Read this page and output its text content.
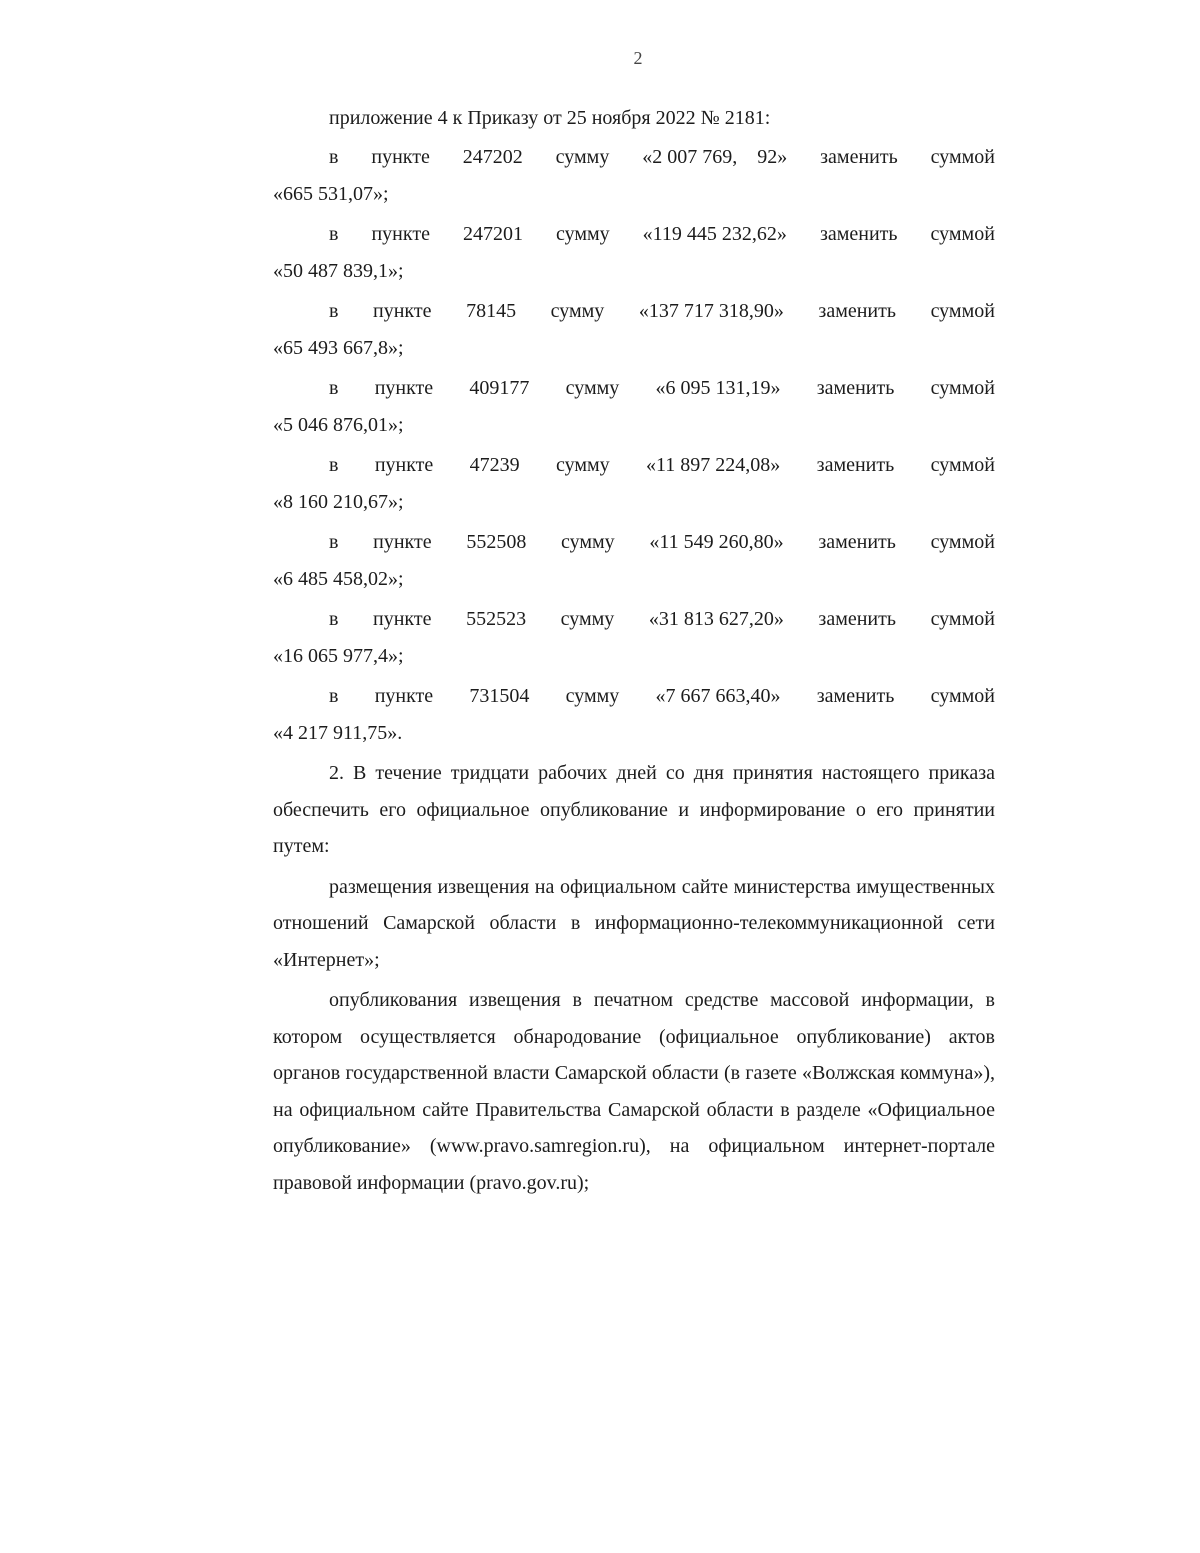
2

приложение 4 к Приказу от 25 ноября 2022 № 2181:

в пункте 247202 сумму «2 007 769,    92» заменить суммой
«665 531,07»;
в пункте 247201 сумму «119 445 232,62» заменить суммой
«50 487 839,1»;
в пункте 78145 сумму «137 717 318,90» заменить суммой
«65 493 667,8»;
в пункте 409177 сумму «6 095 131,19» заменить суммой
«5 046 876,01»;
в пункте 47239 сумму «11 897 224,08» заменить суммой
«8 160 210,67»;
в пункте 552508 сумму «11 549 260,80» заменить суммой
«6 485 458,02»;
в пункте 552523 сумму «31 813 627,20» заменить суммой
«16 065 977,4»;
в пункте 731504 сумму «7 667 663,40» заменить суммой
«4 217 911,75».

2. В течение тридцати рабочих дней со дня принятия настоящего приказа обеспечить его официальное опубликование и информирование о его принятии путем:

размещения извещения на официальном сайте министерства имущественных отношений Самарской области в информационно-телекоммуникационной сети «Интернет»;

опубликования извещения в печатном средстве массовой информации, в котором осуществляется обнародование (официальное опубликование) актов органов государственной власти Самарской области (в газете «Волжская коммуна»), на официальном сайте Правительства Самарской области в разделе «Официальное опубликование» (www.pravo.samregion.ru), на официальном интернет-портале правовой информации (pravo.gov.ru);
